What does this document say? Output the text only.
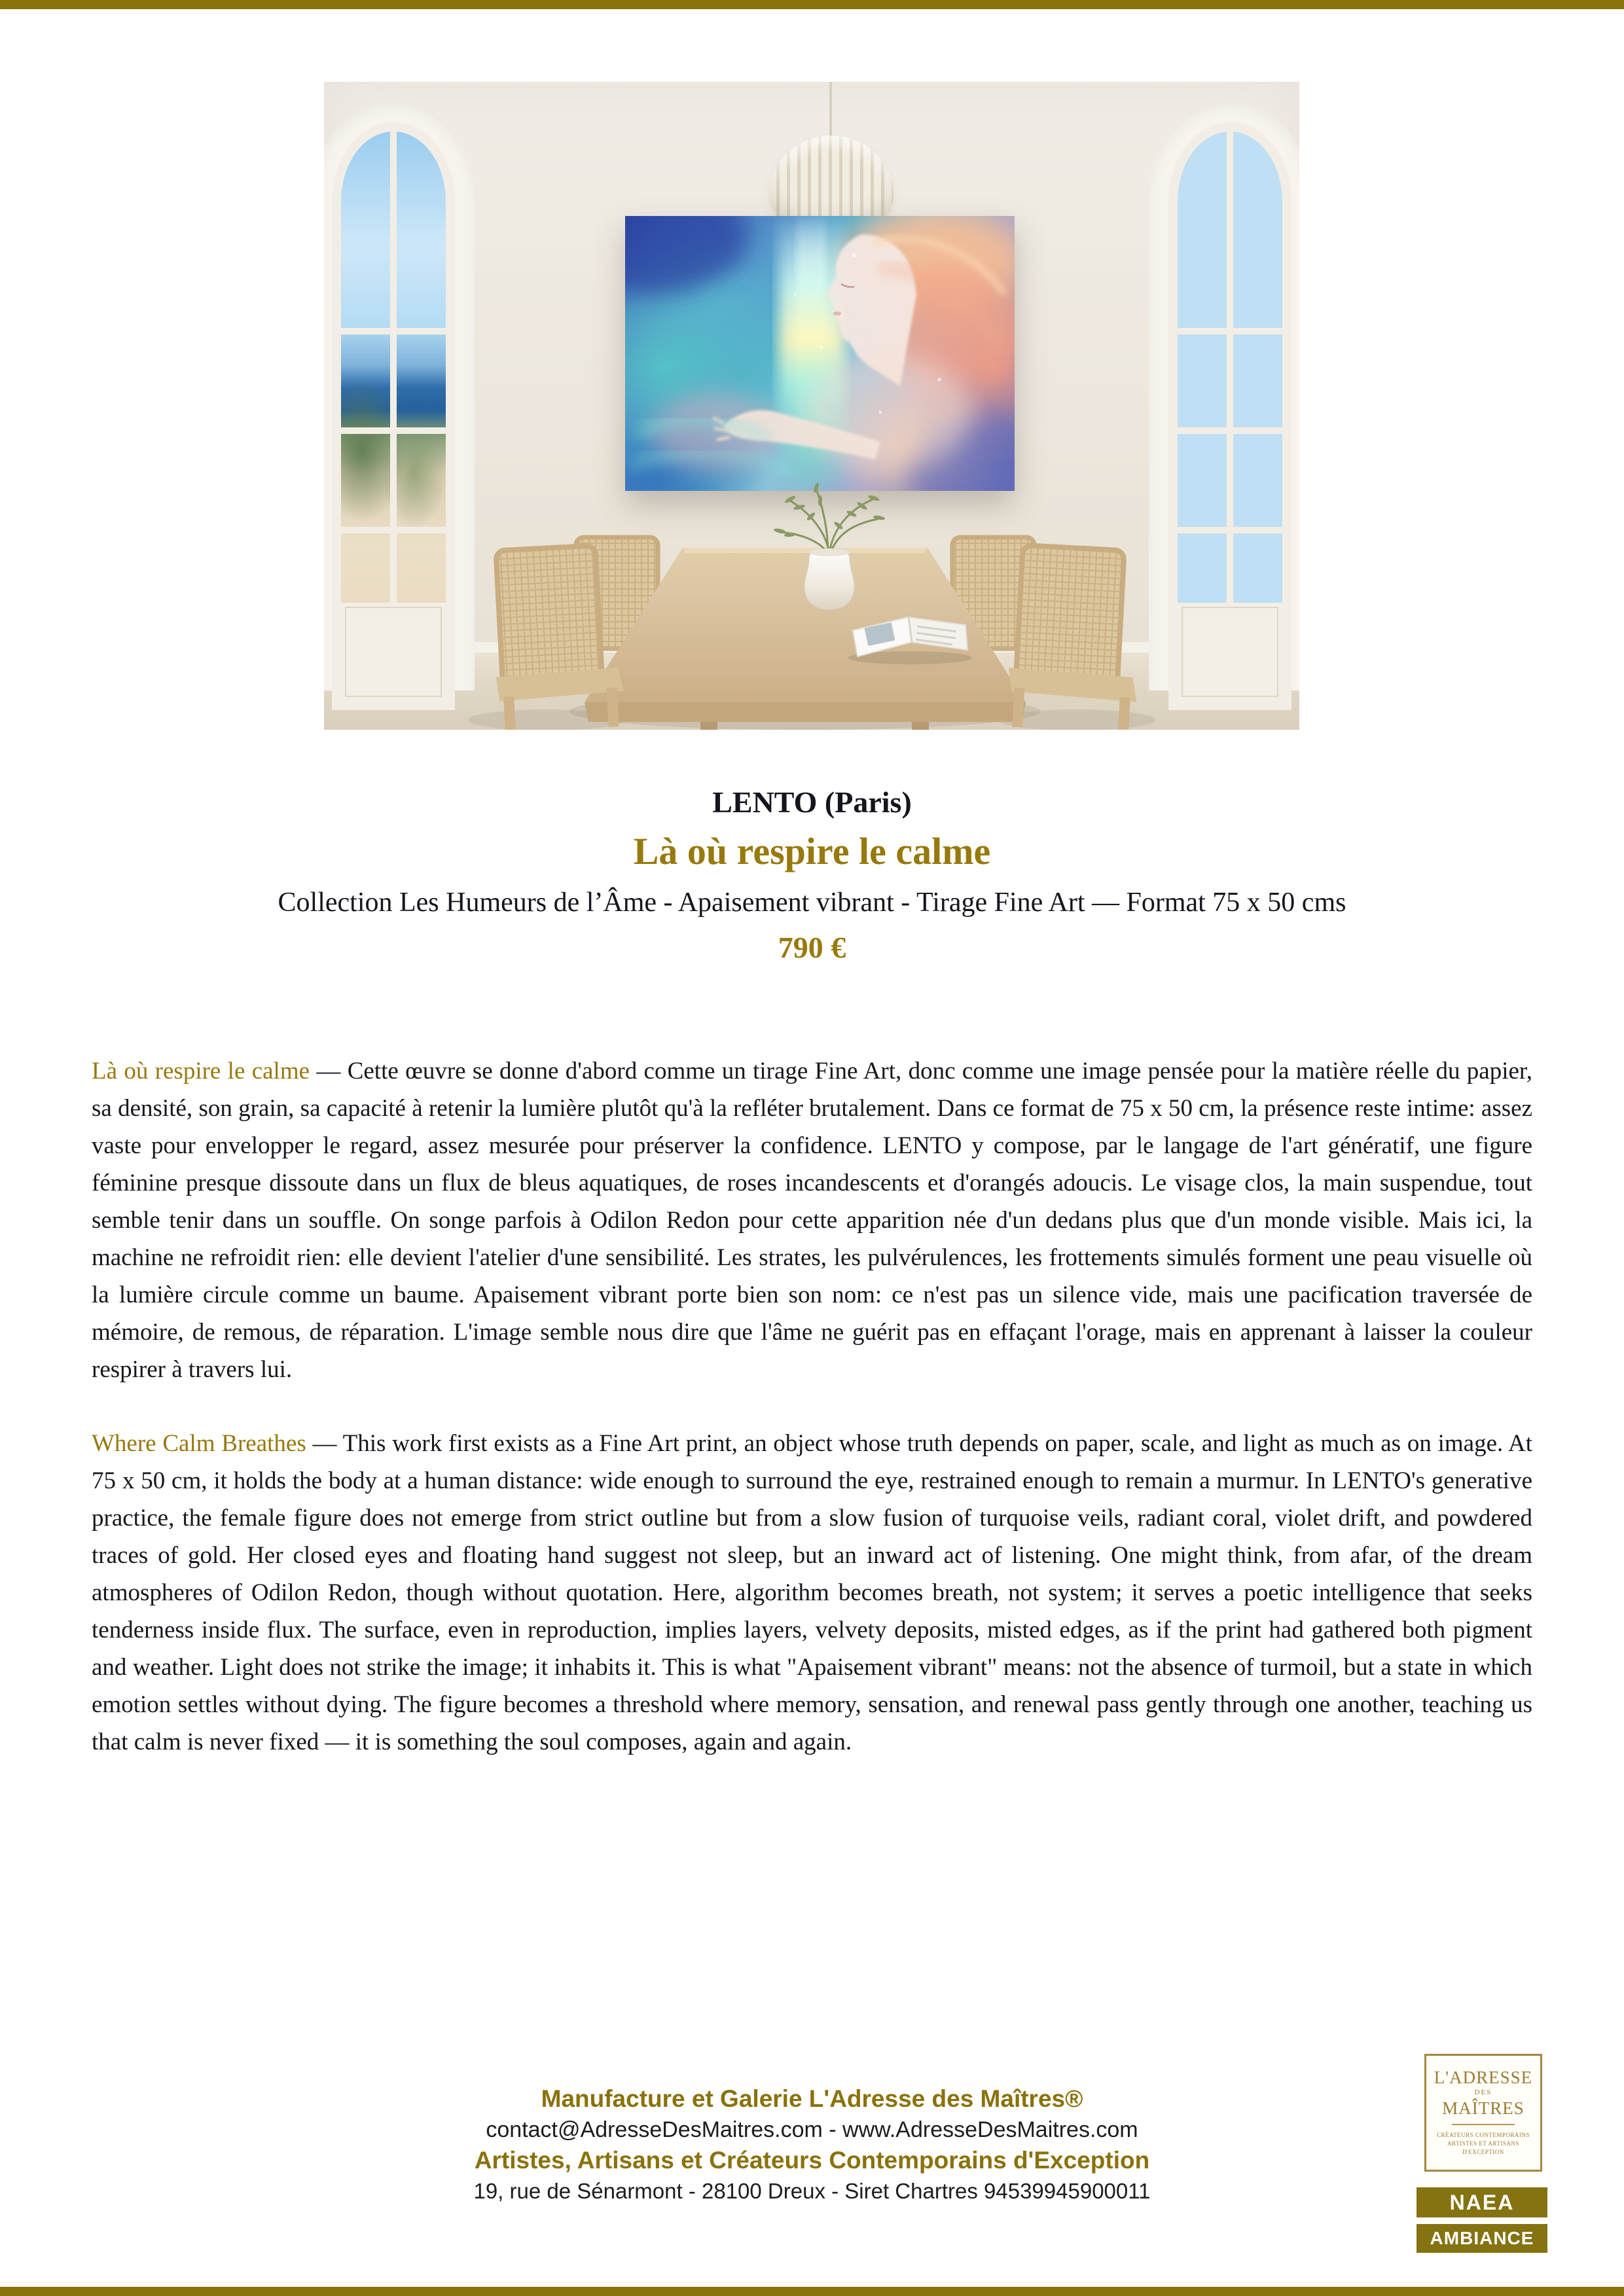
LENTO (Paris)
Là où respire le calme
Collection Les Humeurs de l’Âme - Apaisement vibrant - Tirage Fine Art — Format 75 x 50 cms
790 €

Là où respire le calme — Cette œuvre se donne d'abord comme un tirage Fine Art, donc comme une image pensée pour la matière réelle du papier, sa densité, son grain, sa capacité à retenir la lumière plutôt qu'à la refléter brutalement. Dans ce format de 75 x 50 cm, la présence reste intime: assez vaste pour envelopper le regard, assez mesurée pour préserver la confidence. LENTO y compose, par le langage de l'art génératif, une figure féminine presque dissoute dans un flux de bleus aquatiques, de roses incandescents et d'orangés adoucis. Le visage clos, la main suspendue, tout semble tenir dans un souffle. On songe parfois à Odilon Redon pour cette apparition née d'un dedans plus que d'un monde visible. Mais ici, la machine ne refroidit rien: elle devient l'atelier d'une sensibilité. Les strates, les pulvérulences, les frottements simulés forment une peau visuelle où la lumière circule comme un baume. Apaisement vibrant porte bien son nom: ce n'est pas un silence vide, mais une pacification traversée de mémoire, de remous, de réparation. L'image semble nous dire que l'âme ne guérit pas en effaçant l'orage, mais en apprenant à laisser la couleur respirer à travers lui.

Where Calm Breathes — This work first exists as a Fine Art print, an object whose truth depends on paper, scale, and light as much as on image. At 75 x 50 cm, it holds the body at a human distance: wide enough to surround the eye, restrained enough to remain a murmur. In LENTO's generative practice, the female figure does not emerge from strict outline but from a slow fusion of turquoise veils, radiant coral, violet drift, and powdered traces of gold. Her closed eyes and floating hand suggest not sleep, but an inward act of listening. One might think, from afar, of the dream atmospheres of Odilon Redon, though without quotation. Here, algorithm becomes breath, not system; it serves a poetic intelligence that seeks tenderness inside flux. The surface, even in reproduction, implies layers, velvety deposits, misted edges, as if the print had gathered both pigment and weather. Light does not strike the image; it inhabits it. This is what "Apaisement vibrant" means: not the absence of turmoil, but a state in which emotion settles without dying. The figure becomes a threshold where memory, sensation, and renewal pass gently through one another, teaching us that calm is never fixed — it is something the soul composes, again and again.

Manufacture et Galerie L'Adresse des Maîtres®
contact@AdresseDesMaitres.com - www.AdresseDesMaitres.com
Artistes, Artisans et Créateurs Contemporains d'Exception
19, rue de Sénarmont - 28100 Dreux - Siret Chartres 94539945900011
L'ADRESSE
DES
MAÎTRES
CRÉATEURS CONTEMPORAINS
ARTISTES ET ARTISANS
D'EXCEPTION
NAEA
AMBIANCE
